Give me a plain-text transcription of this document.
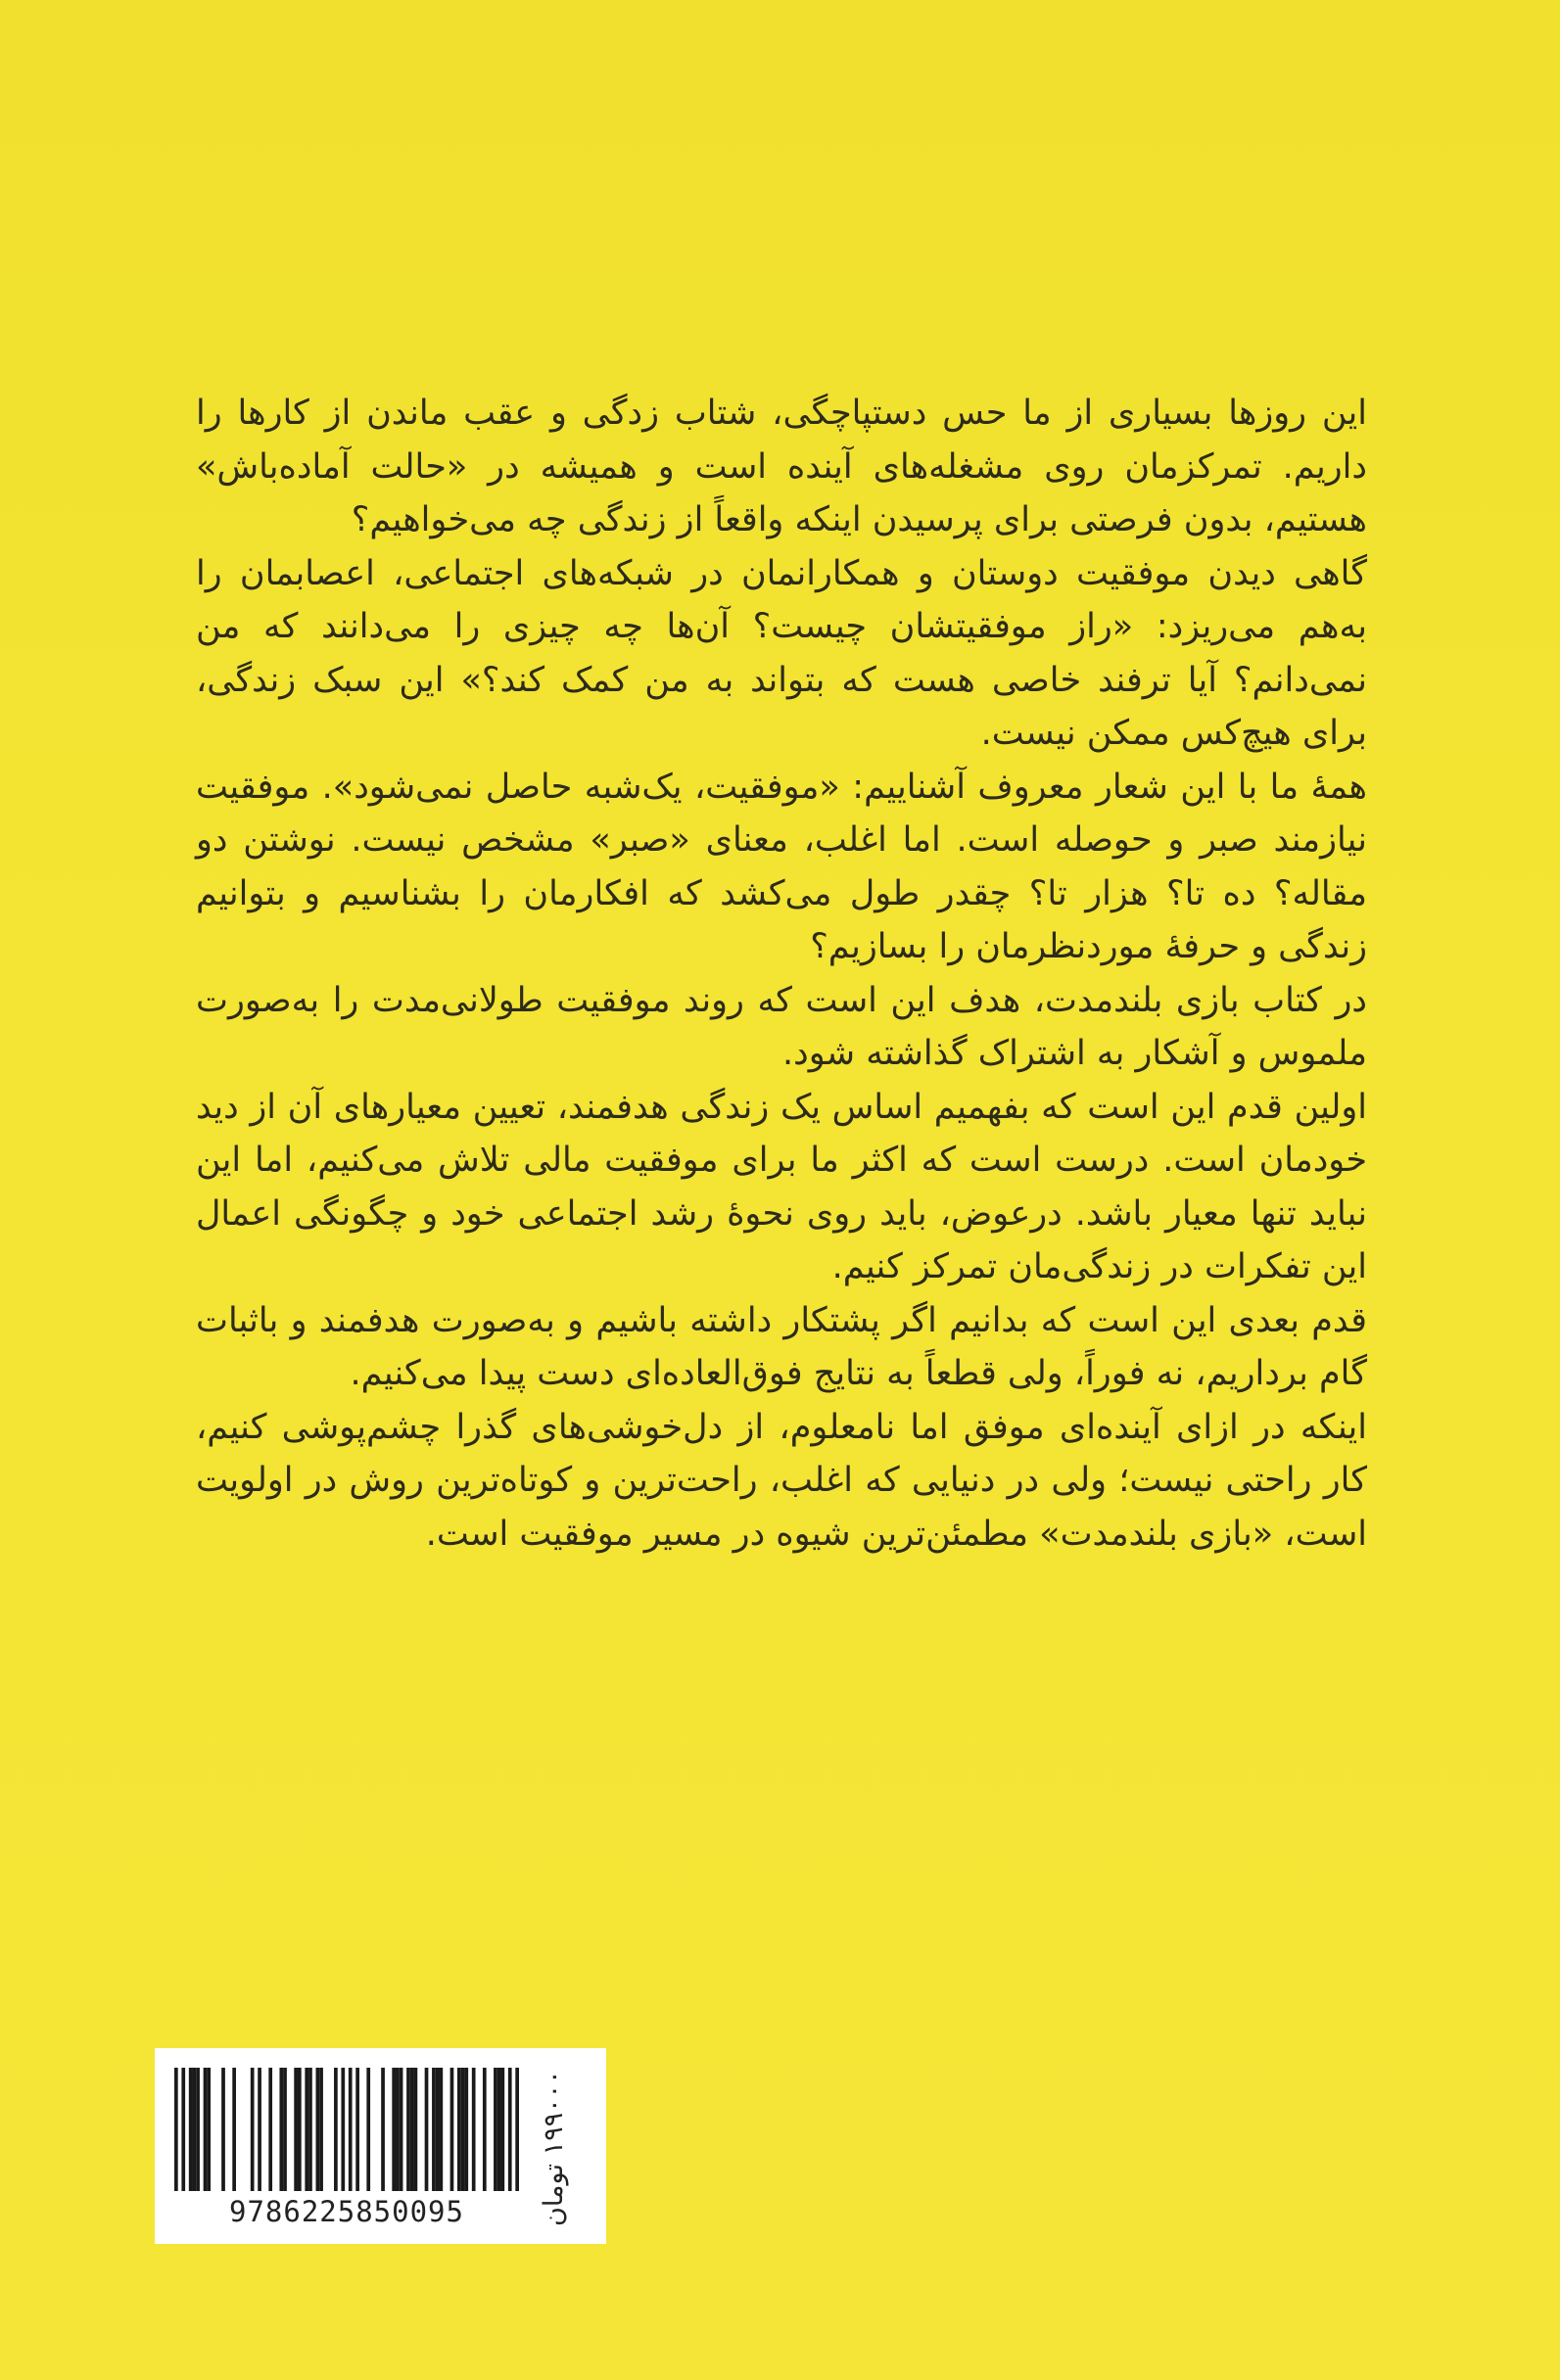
این روزها بسیاری از ما حس دستپاچگی، شتاب زدگی و عقب ماندن از کارها را داریم. تمرکزمان روی مشغله‌های آینده است و همیشه در «حالت آماده‌باش» هستیم، بدون فرصتی برای پرسیدن اینکه واقعاً از زندگی چه می‌خواهیم؟

گاهی دیدن موفقیت دوستان و همکارانمان در شبکه‌های اجتماعی، اعصابمان را به‌هم می‌ریزد: «راز موفقیتشان چیست؟ آن‌ها چه چیزی را می‌دانند که من نمی‌دانم؟ آیا ترفند خاصی هست که بتواند به من کمک کند؟» این سبک زندگی، برای هیچ‌کس ممکن نیست.

همهٔ ما با این شعار معروف آشناییم: «موفقیت، یک‌شبه حاصل نمی‌شود». موفقیت نیازمند صبر و حوصله است. اما اغلب، معنای «صبر» مشخص نیست. نوشتن دو مقاله؟ ده تا؟ هزار تا؟ چقدر طول می‌کشد که افکارمان را بشناسیم و بتوانیم زندگی و حرفهٔ موردنظرمان را بسازیم؟

در کتاب بازی بلندمدت، هدف این است که روند موفقیت طولانی‌مدت را به‌صورت ملموس و آشکار به اشتراک گذاشته شود.

اولین قدم این است که بفهمیم اساس یک زندگی هدفمند، تعیین معیارهای آن از دید خودمان است. درست است که اکثر ما برای موفقیت مالی تلاش می‌کنیم، اما این نباید تنها معیار باشد. درعوض، باید روی نحوهٔ رشد اجتماعی خود و چگونگی اعمال این تفکرات در زندگی‌مان تمرکز کنیم.

قدم بعدی این است که بدانیم اگر پشتکار داشته باشیم و به‌صورت هدفمند و باثبات گام برداریم، نه فوراً، ولی قطعاً به نتایج فوق‌العاده‌ای دست پیدا می‌کنیم.

اینکه در ازای آینده‌ای موفق اما نامعلوم، از دل‌خوشی‌های گذرا چشم‌پوشی کنیم، کار راحتی نیست؛ ولی در دنیایی که اغلب، راحت‌ترین و کوتاه‌ترین روش در اولویت است، «بازی بلندمدت» مطمئن‌ترین شیوه در مسیر موفقیت است.

9786225850095	۱۹۹۰۰۰ تومان
